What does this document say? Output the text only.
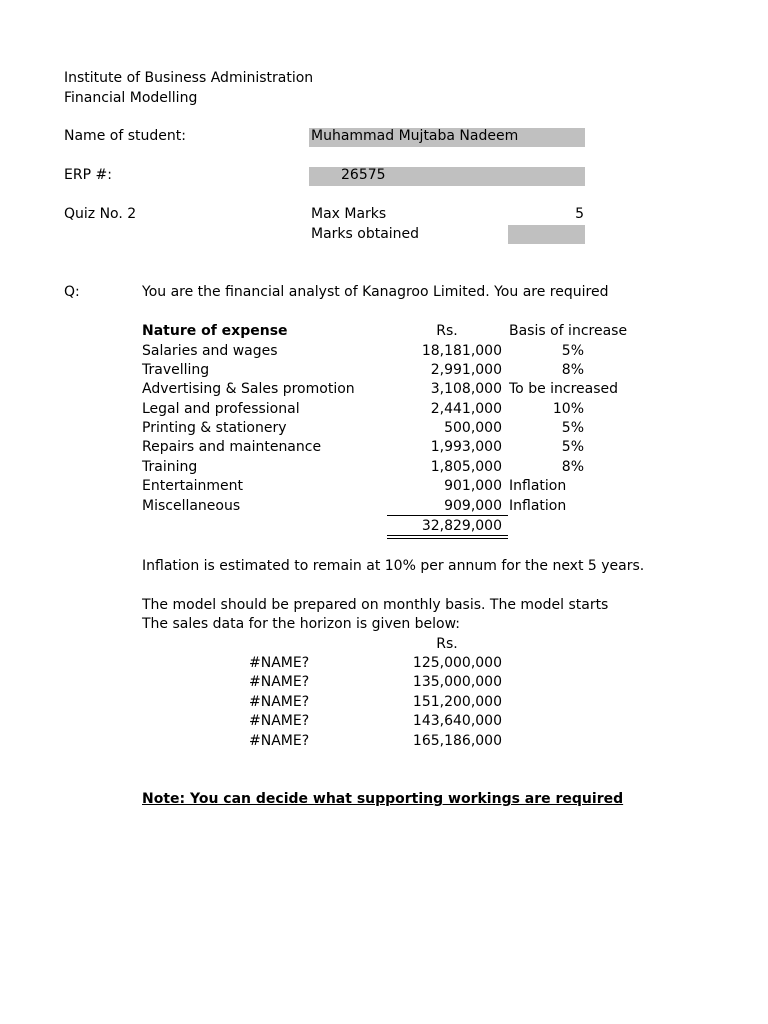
Institute of Business Administration
Financial Modelling
Name of student:	Muhammad Mujtaba Nadeem
ERP #:	26575
Quiz No. 2	Max Marks	5
Marks obtained
Q:	You are the financial analyst of Kanagroo Limited. You are required
Nature of expense	Rs.	Basis of increase
Salaries and wages	18,181,000	5%
Travelling	2,991,000	8%
Advertising & Sales promotion	3,108,000 To be increased
Legal and professional	2,441,000	10%
Printing & stationery	500,000	5%
Repairs and maintenance	1,993,000	5%
Training	1,805,000	8%
Entertainment	901,000 Inflation
Miscellaneous	909,000 Inflation
32,829,000
Inflation is estimated to remain at 10% per annum for the next 5 years.
The model should be prepared on monthly basis. The model starts
The sales data for the horizon is given below:
Rs.
#NAME?	125,000,000
#NAME?	135,000,000
#NAME?	151,200,000
#NAME?	143,640,000
#NAME?	165,186,000
Note: You can decide what supporting workings are required
